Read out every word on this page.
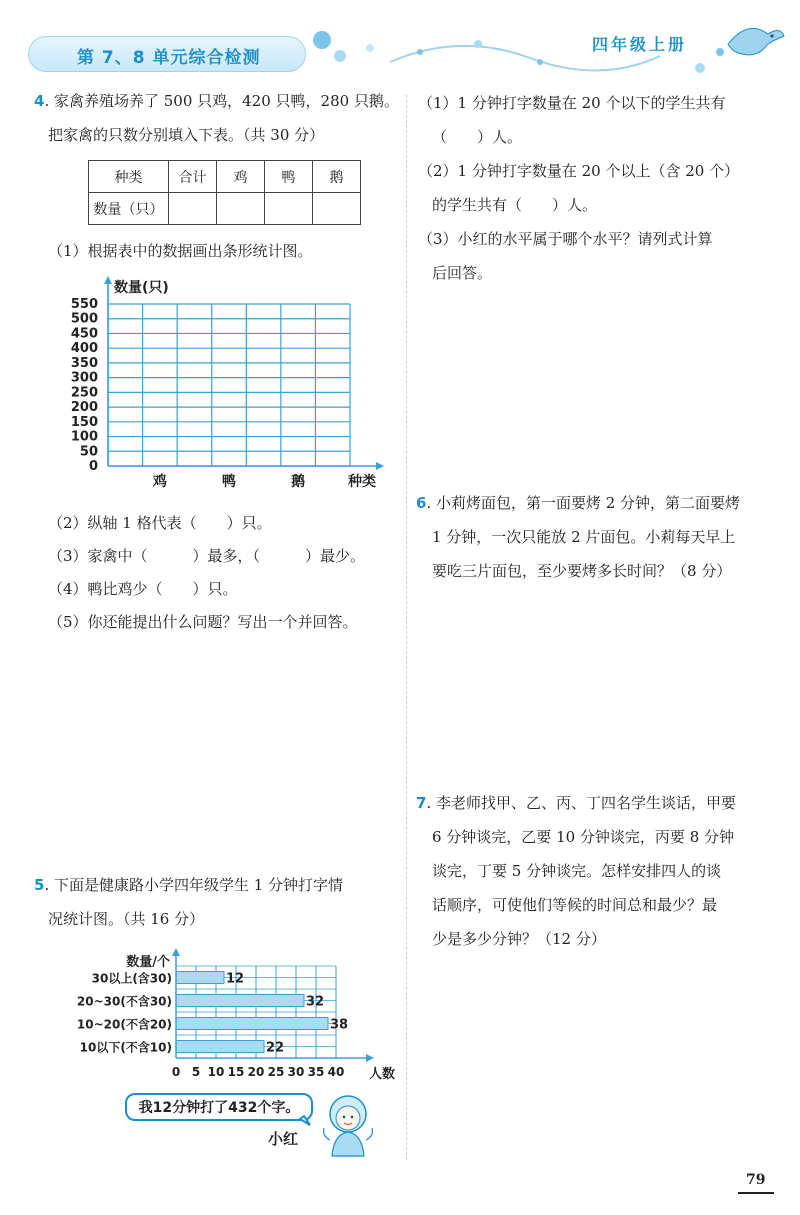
第 7、8 单元综合检测
四年级上册
4. 家禽养殖场养了 500 只鸡，420 只鸭，280 只鹅。
把家禽的只数分别填入下表。（共 30 分）
种类	合计	鸡	鸭	鹅
数量（只）				
（1）根据表中的数据画出条形统计图。
0
50
100
150
200
250
300
350
400
450
500
550
数量(只)
鸡	鸭	鹅	种类
（2）纵轴 1 格代表（　　）只。
（3）家禽中（　　　）最多，（　　　）最少。
（4）鸭比鸡少（　　）只。
（5）你还能提出什么问题？写出一个并回答。
5. 下面是健康路小学四年级学生 1 分钟打字情
况统计图。（共 16 分）
0 5 10 15 20 25 30 35 40
22
10以下(不含10)
38
10~20(不含20)
32
20~30(不含30)
12
30以上(含30)
数量/个
人数
我12分钟打了432个字。
小红
（1）1 分钟打字数量在 20 个以下的学生共有
（　　）人。
（2）1 分钟打字数量在 20 个以上（含 20 个）
的学生共有（　　）人。
（3）小红的水平属于哪个水平？请列式计算
后回答。
6. 小莉烤面包，第一面要烤 2 分钟，第二面要烤
1 分钟，一次只能放 2 片面包。小莉每天早上
要吃三片面包，至少要烤多长时间？（8 分）
7. 李老师找甲、乙、丙、丁四名学生谈话，甲要
6 分钟谈完，乙要 10 分钟谈完，丙要 8 分钟
谈完，丁要 5 分钟谈完。怎样安排四人的谈
话顺序，可使他们等候的时间总和最少？最
少是多少分钟？（12 分）
79
